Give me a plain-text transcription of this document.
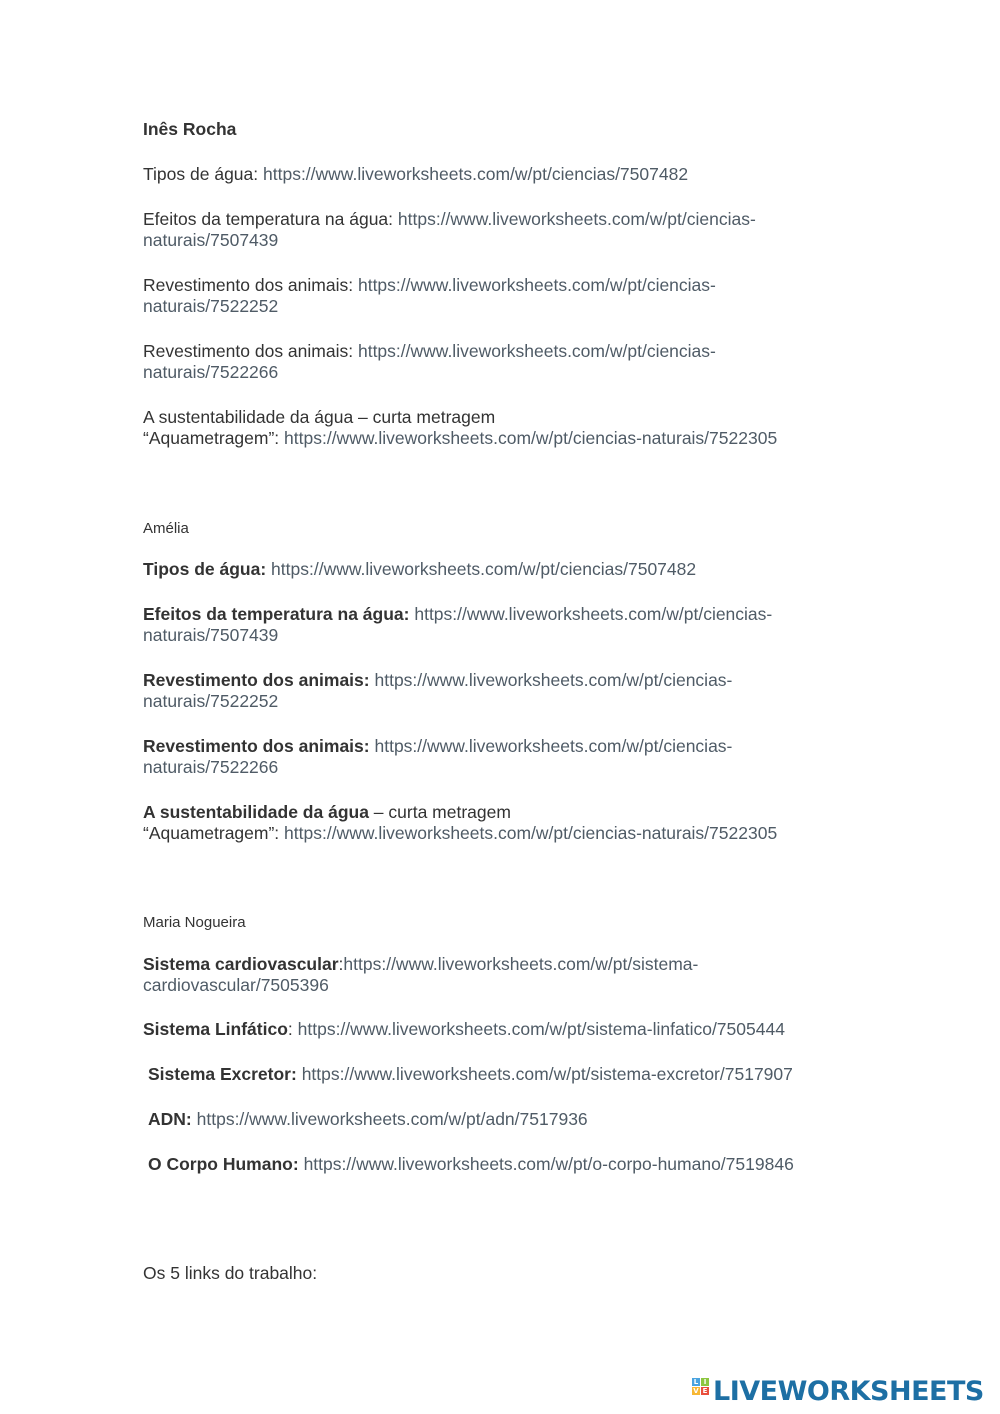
Inês Rocha
Tipos de água: https://www.liveworksheets.com/w/pt/ciencias/7507482
Efeitos da temperatura na água: https://www.liveworksheets.com/w/pt/ciencias-
naturais/7507439
Revestimento dos animais: https://www.liveworksheets.com/w/pt/ciencias-
naturais/7522252
Revestimento dos animais: https://www.liveworksheets.com/w/pt/ciencias-
naturais/7522266
A sustentabilidade da água – curta metragem
“Aquametragem”: https://www.liveworksheets.com/w/pt/ciencias-naturais/7522305
Amélia
Tipos de água: https://www.liveworksheets.com/w/pt/ciencias/7507482
Efeitos da temperatura na água: https://www.liveworksheets.com/w/pt/ciencias-
naturais/7507439
Revestimento dos animais: https://www.liveworksheets.com/w/pt/ciencias-
naturais/7522252
Revestimento dos animais: https://www.liveworksheets.com/w/pt/ciencias-
naturais/7522266
A sustentabilidade da água – curta metragem
“Aquametragem”: https://www.liveworksheets.com/w/pt/ciencias-naturais/7522305
Maria Nogueira
Sistema cardiovascular:https://www.liveworksheets.com/w/pt/sistema-
cardiovascular/7505396
Sistema Linfático: https://www.liveworksheets.com/w/pt/sistema-linfatico/7505444
Sistema Excretor: https://www.liveworksheets.com/w/pt/sistema-excretor/7517907
ADN: https://www.liveworksheets.com/w/pt/adn/7517936
O Corpo Humano: https://www.liveworksheets.com/w/pt/o-corpo-humano/7519846
Os 5 links do trabalho:
L I
V E LIVEWORKSHEETS
